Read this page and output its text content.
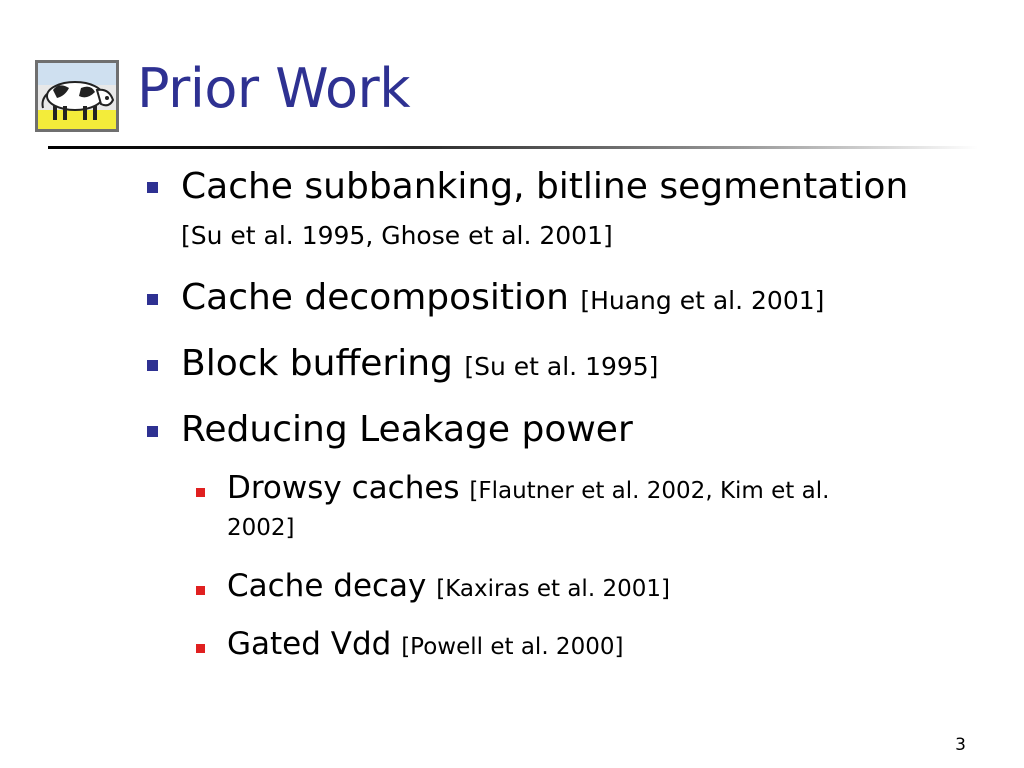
Prior Work
Cache subbanking, bitline segmentation
[Su et al. 1995, Ghose et al. 2001]
Cache decomposition [Huang et al. 2001]
Block buffering [Su et al. 1995]
Reducing Leakage power
Drowsy caches [Flautner et al. 2002, Kim et al.
2002]
Cache decay [Kaxiras et al. 2001]
Gated Vdd [Powell et al. 2000]
3
